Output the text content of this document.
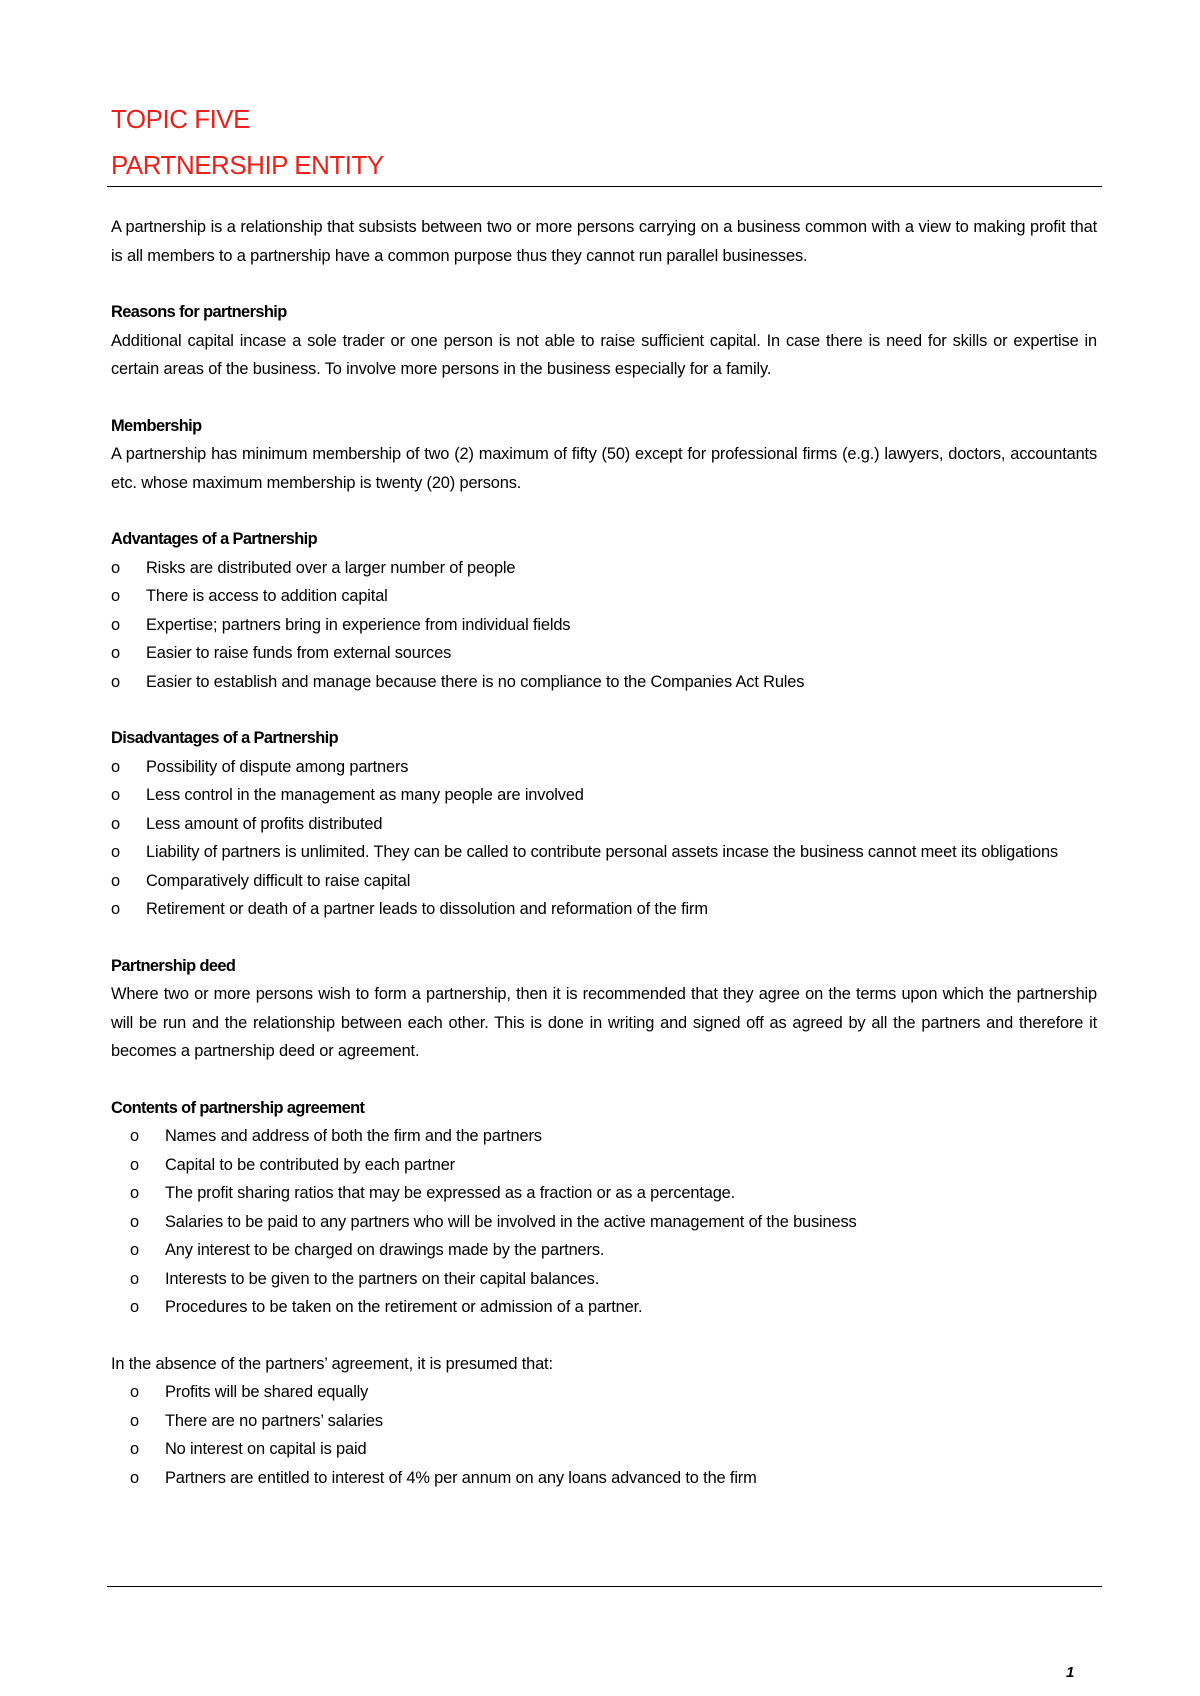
TOPIC FIVE
PARTNERSHIP ENTITY

A partnership is a relationship that subsists between two or more persons carrying on a business common with a view to making profit that is all members to a partnership have a common purpose thus they cannot run parallel businesses.

Reasons for partnership

Additional capital incase a sole trader or one person is not able to raise sufficient capital. In case there is need for skills or expertise in certain areas of the business. To involve more persons in the business especially for a family.

Membership

A partnership has minimum membership of two (2) maximum of fifty (50) except for professional firms (e.g.) lawyers, doctors, accountants etc. whose maximum membership is twenty (20) persons.

Advantages of a Partnership

o Risks are distributed over a larger number of people
o There is access to addition capital
o Expertise; partners bring in experience from individual fields
o Easier to raise funds from external sources
o Easier to establish and manage because there is no compliance to the Companies Act Rules

Disadvantages of a Partnership

o Possibility of dispute among partners
o Less control in the management as many people are involved
o Less amount of profits distributed
o Liability of partners is unlimited. They can be called to contribute personal assets incase the business cannot meet its obligations
o Comparatively difficult to raise capital
o Retirement or death of a partner leads to dissolution and reformation of the firm

Partnership deed

Where two or more persons wish to form a partnership, then it is recommended that they agree on the terms upon which the partnership will be run and the relationship between each other. This is done in writing and signed off as agreed by all the partners and therefore it becomes a partnership deed or agreement.

Contents of partnership agreement

o Names and address of both the firm and the partners
o Capital to be contributed by each partner
o The profit sharing ratios that may be expressed as a fraction or as a percentage.
o Salaries to be paid to any partners who will be involved in the active management of the business
o Any interest to be charged on drawings made by the partners.
o Interests to be given to the partners on their capital balances.
o Procedures to be taken on the retirement or admission of a partner.

In the absence of the partners’ agreement, it is presumed that:

o Profits will be shared equally
o There are no partners’ salaries
o No interest on capital is paid
o Partners are entitled to interest of 4% per annum on any loans advanced to the firm
1
